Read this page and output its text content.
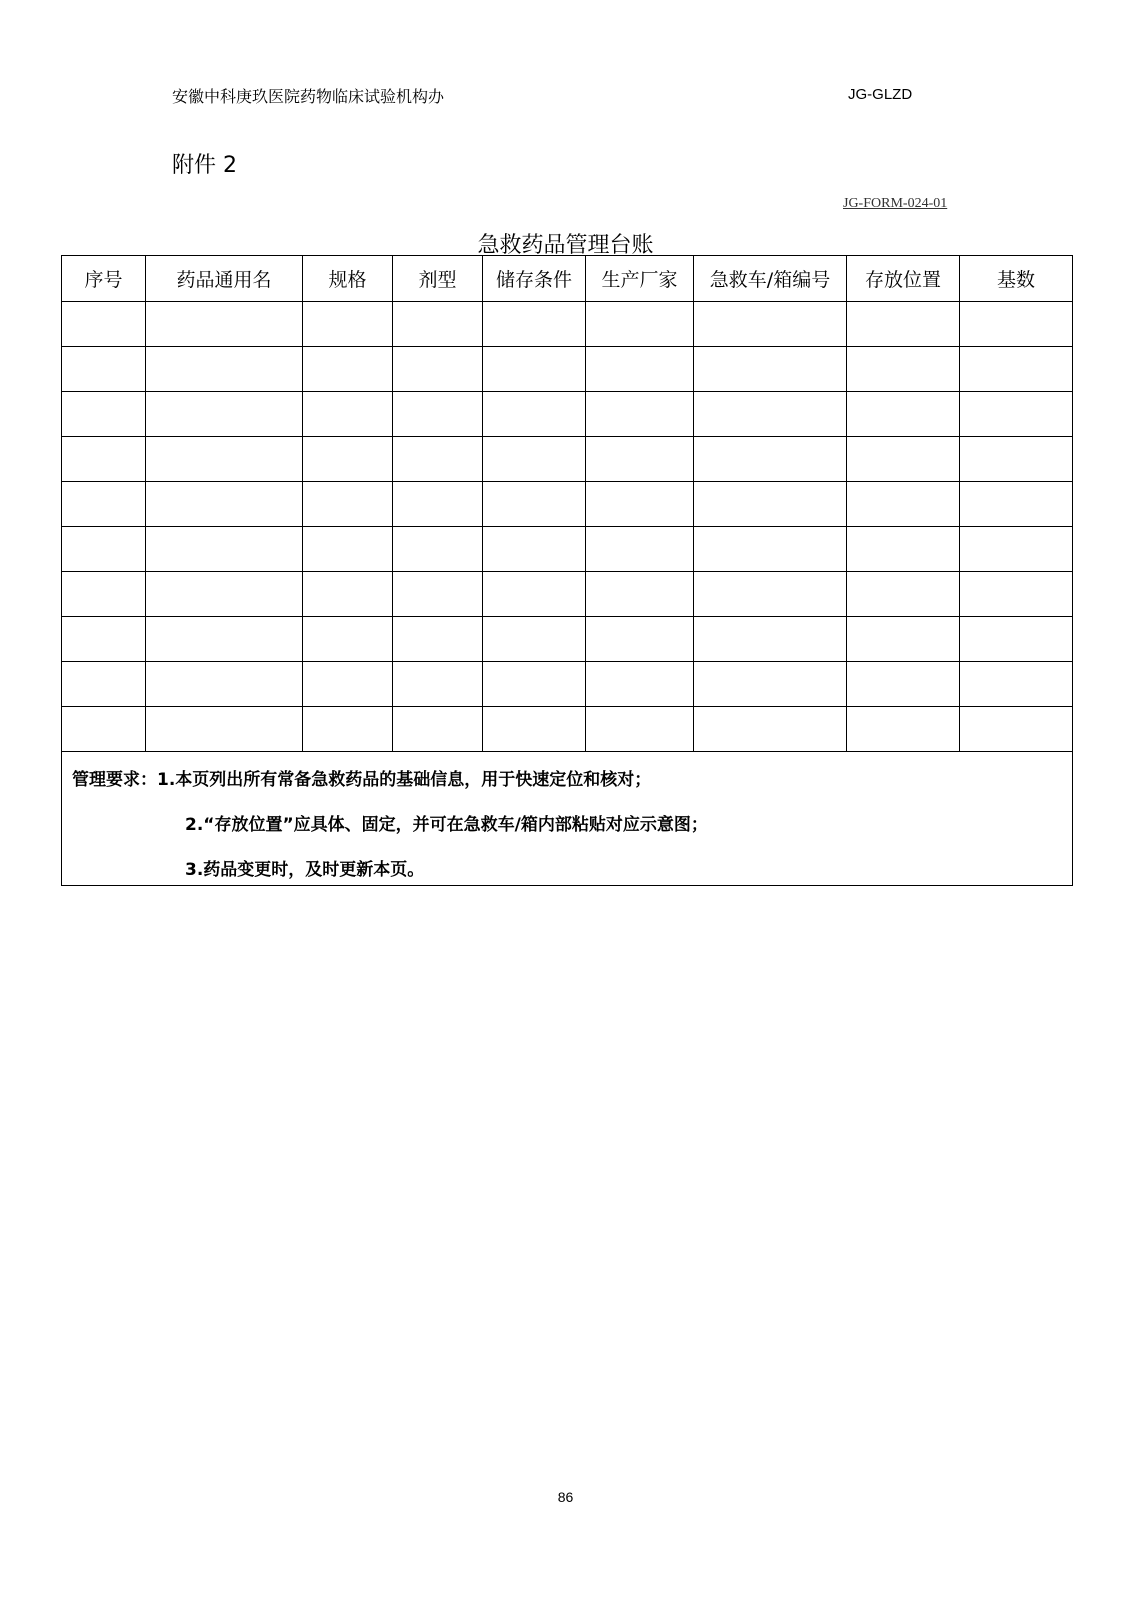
安徽中科庚玖医院药物临床试验机构办	JG-GLZD
附件 2
JG-FORM-024-01
急救药品管理台账
序号	药品通用名	规格	剂型	储存条件	生产厂家	急救车/箱编号	存放位置	基数

管理要求：1.本页列出所有常备急救药品的基础信息，用于快速定位和核对；
2.“存放位置”应具体、固定，并可在急救车/箱内部粘贴对应示意图；
3.药品变更时，及时更新本页。
86
